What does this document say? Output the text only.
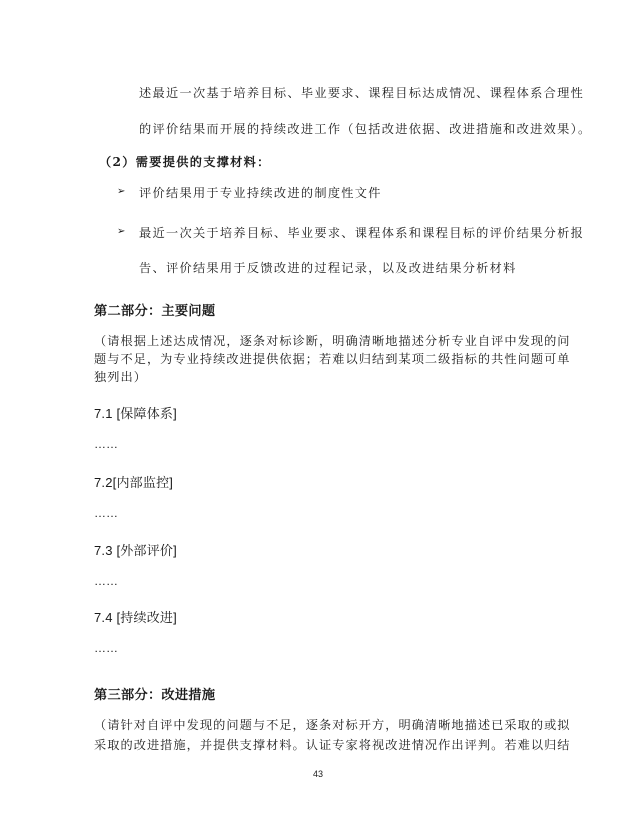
述最近一次基于培养目标、毕业要求、课程目标达成情况、课程体系合理性

的评价结果而开展的持续改进工作（包括改进依据、改进措施和改进效果）。

（2）需要提供的支撑材料：

➢ 评价结果用于专业持续改进的制度性文件

➢ 最近一次关于培养目标、毕业要求、课程体系和课程目标的评价结果分析报

告、评价结果用于反馈改进的过程记录，以及改进结果分析材料

第二部分：主要问题

（请根据上述达成情况，逐条对标诊断，明确清晰地描述分析专业自评中发现的问

题与不足，为专业持续改进提供依据；若难以归结到某项二级指标的共性问题可单

独列出）

7.1 [保障体系]

……

7.2[内部监控]

……

7.3 [外部评价]

……

7.4 [持续改进]

……

第三部分：改进措施

（请针对自评中发现的问题与不足，逐条对标开方，明确清晰地描述已采取的或拟

采取的改进措施，并提供支撑材料。认证专家将视改进情况作出评判。若难以归结

43
